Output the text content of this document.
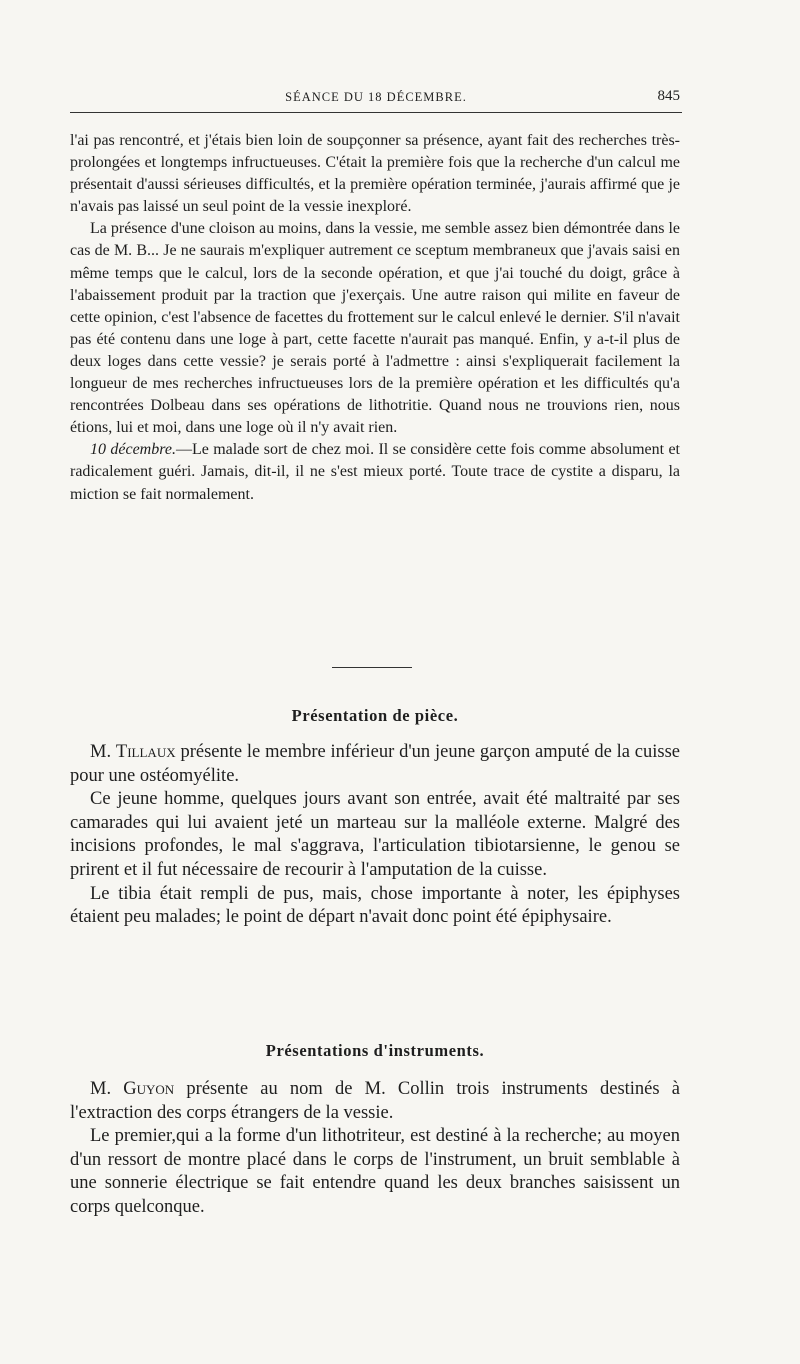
SÉANCE DU 18 DÉCEMBRE.	845

l'ai pas rencontré, et j'étais bien loin de soupçonner sa présence, ayant fait des recherches très-prolongées et longtemps infructueuses. C'était la première fois que la recherche d'un calcul me présentait d'aussi sérieuses difficultés, et la première opération terminée, j'aurais affirmé que je n'avais pas laissé un seul point de la vessie inexploré.

La présence d'une cloison au moins, dans la vessie, me semble assez bien démontrée dans le cas de M. B... Je ne saurais m'expliquer autrement ce sceptum membraneux que j'avais saisi en même temps que le calcul, lors de la seconde opération, et que j'ai touché du doigt, grâce à l'abaissement produit par la traction que j'exerçais. Une autre raison qui milite en faveur de cette opinion, c'est l'absence de facettes du frottement sur le calcul enlevé le dernier. S'il n'avait pas été contenu dans une loge à part, cette facette n'aurait pas manqué. Enfin, y a-t-il plus de deux loges dans cette vessie? je serais porté à l'admettre : ainsi s'expliquerait facilement la longueur de mes recherches infructueuses lors de la première opération et les difficultés qu'a rencontrées Dolbeau dans ses opérations de lithotritie. Quand nous ne trouvions rien, nous étions, lui et moi, dans une loge où il n'y avait rien.

10 décembre.—Le malade sort de chez moi. Il se considère cette fois comme absolument et radicalement guéri. Jamais, dit-il, il ne s'est mieux porté. Toute trace de cystite a disparu, la miction se fait normalement.

Présentation de pièce.

M. Tillaux présente le membre inférieur d'un jeune garçon amputé de la cuisse pour une ostéomyélite.

Ce jeune homme, quelques jours avant son entrée, avait été maltraité par ses camarades qui lui avaient jeté un marteau sur la malléole externe. Malgré des incisions profondes, le mal s'aggrava, l'articulation tibiotarsienne, le genou se prirent et il fut nécessaire de recourir à l'amputation de la cuisse.

Le tibia était rempli de pus, mais, chose importante à noter, les épiphyses étaient peu malades; le point de départ n'avait donc point été épiphysaire.

Présentations d'instruments.

M. Guyon présente au nom de M. Collin trois instruments destinés à l'extraction des corps étrangers de la vessie.

Le premier,qui a la forme d'un lithotriteur, est destiné à la recherche; au moyen d'un ressort de montre placé dans le corps de l'instrument, un bruit semblable à une sonnerie électrique se fait entendre quand les deux branches saisissent un corps quelconque.
